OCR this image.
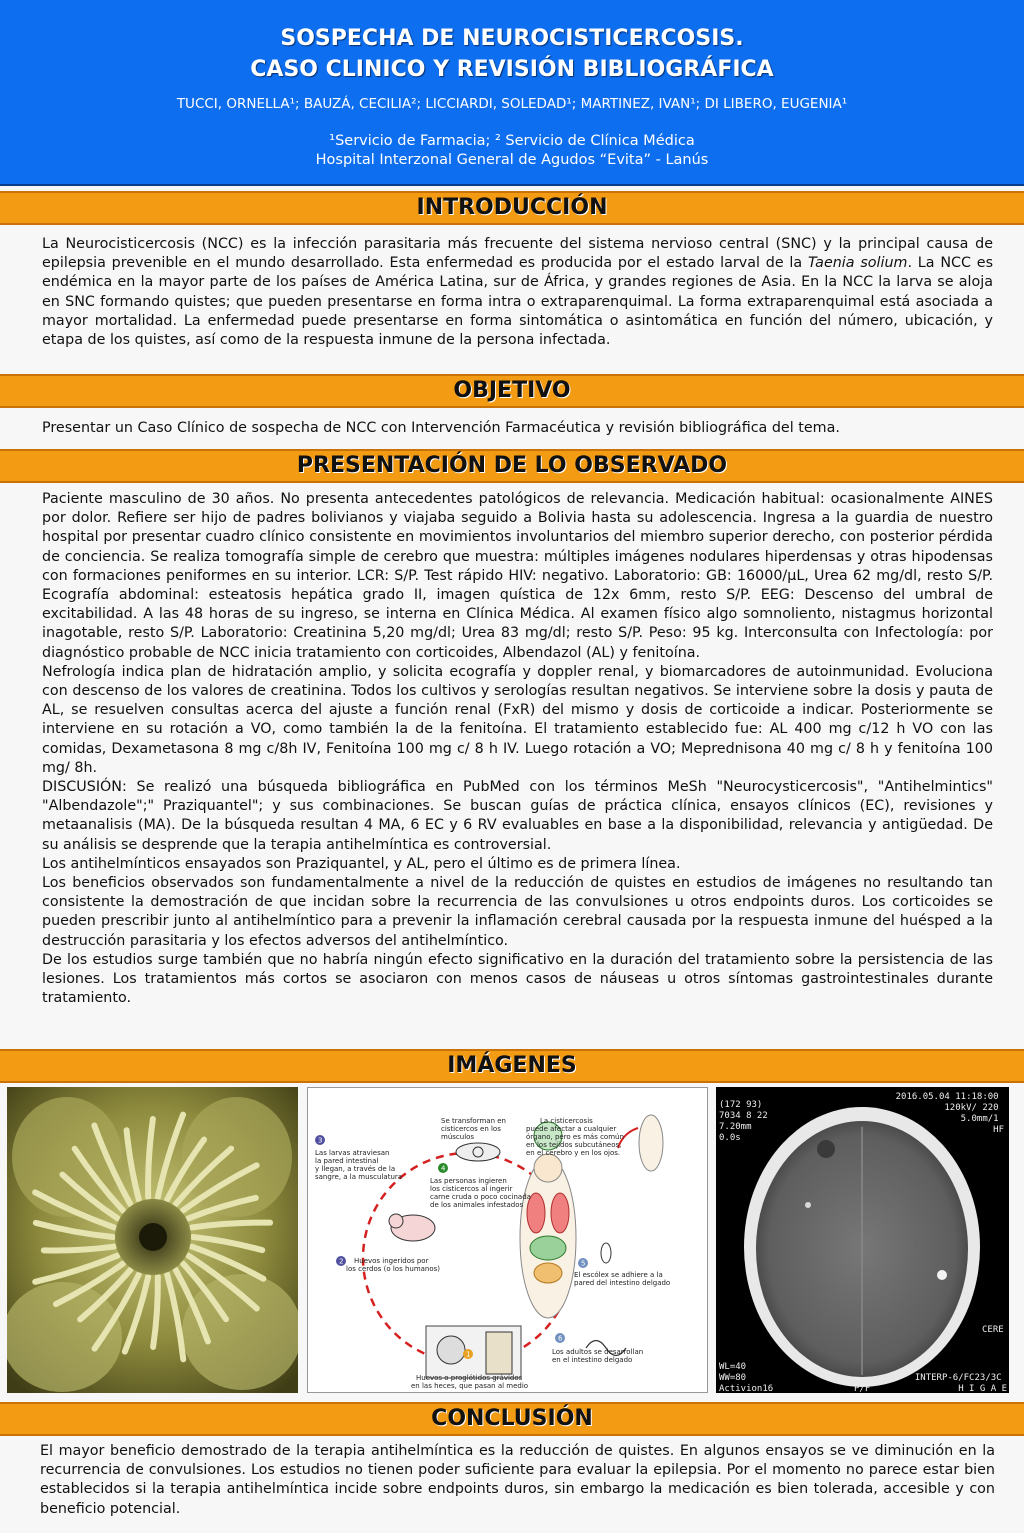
SOSPECHA DE NEUROCISTICERCOSIS.
CASO CLINICO Y REVISIÓN BIBLIOGRÁFICA
TUCCI, ORNELLA¹; BAUZÁ, CECILIA²; LICCIARDI, SOLEDAD¹; MARTINEZ, IVAN¹; DI LIBERO, EUGENIA¹
¹Servicio de Farmacia; ² Servicio de Clínica Médica
Hospital Interzonal General de Agudos “Evita” - Lanús
INTRODUCCIÓN
La Neurocisticercosis (NCC) es la infección parasitaria más frecuente del sistema nervioso central (SNC) y la principal causa de epilepsia prevenible en el mundo desarrollado. Esta enfermedad es producida por el estado larval de la Taenia solium. La NCC es endémica en la mayor parte de los países de América Latina, sur de África, y grandes regiones de Asia. En la NCC la larva se aloja en SNC formando quistes; que pueden presentarse en forma intra o extraparenquimal. La forma extraparenquimal está asociada a mayor mortalidad. La enfermedad puede presentarse en forma sintomática o asintomática en función del número, ubicación, y etapa de los quistes, así como de la respuesta inmune de la persona infectada.
OBJETIVO
Presentar un Caso Clínico de sospecha de NCC con Intervención Farmacéutica y revisión bibliográfica del tema.
PRESENTACIÓN DE LO OBSERVADO

Paciente masculino de 30 años. No presenta antecedentes patológicos de relevancia. Medicación habitual: ocasionalmente AINES por dolor. Refiere ser hijo de padres bolivianos y viajaba seguido a Bolivia hasta su adolescencia. Ingresa a la guardia de nuestro hospital por presentar cuadro clínico consistente en movimientos involuntarios del miembro superior derecho, con posterior pérdida de conciencia. Se realiza tomografía simple de cerebro que muestra: múltiples imágenes nodulares hiperdensas y otras hipodensas con formaciones peniformes en su interior. LCR: S/P. Test rápido HIV: negativo. Laboratorio: GB: 16000/µL, Urea 62 mg/dl, resto S/P. Ecografía abdominal: esteatosis hepática grado II, imagen quística de 12x 6mm, resto S/P. EEG: Descenso del umbral de excitabilidad. A las 48 horas de su ingreso, se interna en Clínica Médica. Al examen físico algo somnoliento, nistagmus horizontal inagotable, resto S/P. Laboratorio: Creatinina 5,20 mg/dl; Urea 83 mg/dl; resto S/P. Peso: 95 kg. Interconsulta con Infectología: por diagnóstico probable de NCC inicia tratamiento con corticoides, Albendazol (AL) y fenitoína.

Nefrología indica plan de hidratación amplio, y solicita ecografía y doppler renal, y biomarcadores de autoinmunidad. Evoluciona con descenso de los valores de creatinina. Todos los cultivos y serologías resultan negativos. Se interviene sobre la dosis y pauta de AL, se resuelven consultas acerca del ajuste a función renal (FxR) del mismo y dosis de corticoide a indicar. Posteriormente se interviene en su rotación a VO, como también la de la fenitoína. El tratamiento establecido fue: AL 400 mg c/12 h VO con las comidas, Dexametasona 8 mg c/8h IV, Fenitoína 100 mg c/ 8 h IV. Luego rotación a VO; Meprednisona 40 mg c/ 8 h y fenitoína 100 mg/ 8h.

DISCUSIÓN: Se realizó una búsqueda bibliográfica en PubMed con los términos MeSh "Neurocysticercosis", "Antihelmintics" "Albendazole";" Praziquantel"; y sus combinaciones. Se buscan guías de práctica clínica, ensayos clínicos (EC), revisiones y metaanalisis (MA). De la búsqueda resultan 4 MA, 6 EC y 6 RV evaluables en base a la disponibilidad, relevancia y antigüedad. De su análisis se desprende que la terapia antihelmíntica es controversial.

Los antihelmínticos ensayados son Praziquantel, y AL, pero el último es de primera línea.

Los beneficios observados son fundamentalmente a nivel de la reducción de quistes en estudios de imágenes no resultando tan consistente la demostración de que incidan sobre la recurrencia de las convulsiones u otros endpoints duros. Los corticoides se pueden prescribir junto al antihelmíntico para a prevenir la inflamación cerebral causada por la respuesta inmune del huésped a la destrucción parasitaria y los efectos adversos del antihelmíntico.

De los estudios surge también que no habría ningún efecto significativo en la duración del tratamiento sobre la persistencia de las lesiones. Los tratamientos más cortos se asociaron con menos casos de náuseas u otros síntomas gastrointestinales durante tratamiento.

IMÁGENES
1
2
3
4
5
6
Se transforman en cisticercos en los músculos
La cisticercosis puede afectar a cualquier órgano, pero es más común en los tejidos subcutáneos, en el cerebro y en los ojos.
Las larvas atraviesan la pared intestinal y llegan, a través de la sangre, a la musculatura	Las personas ingieren los cisticercos al ingerir carne cruda o poco cocinada de los animales infestados
Huevos ingeridos por los cerdos (o los humanos)
El escólex se adhiere a la pared del intestino delgado
Los adultos se desarrollan en el intestino delgado
Huevos o proglótidos grávidos en las heces, que pasan al medio
2016.05.04 11:18:00 120kV/ 220 5.0mm/1 HF
(172 93) 7034 8 22 7.20mm 0.0s
WL=40 WW=80 Activion16
INTERP-6/FC23/3C H I G A E
P/F
CERE
CONCLUSIÓN
El mayor beneficio demostrado de la terapia antihelmíntica es la reducción de quistes. En algunos ensayos se ve diminución en la recurrencia de convulsiones. Los estudios no tienen poder suficiente para evaluar la epilepsia. Por el momento no parece estar bien establecidos si la terapia antihelmíntica incide sobre endpoints duros, sin embargo la medicación es bien tolerada, accesible y con beneficio potencial.
